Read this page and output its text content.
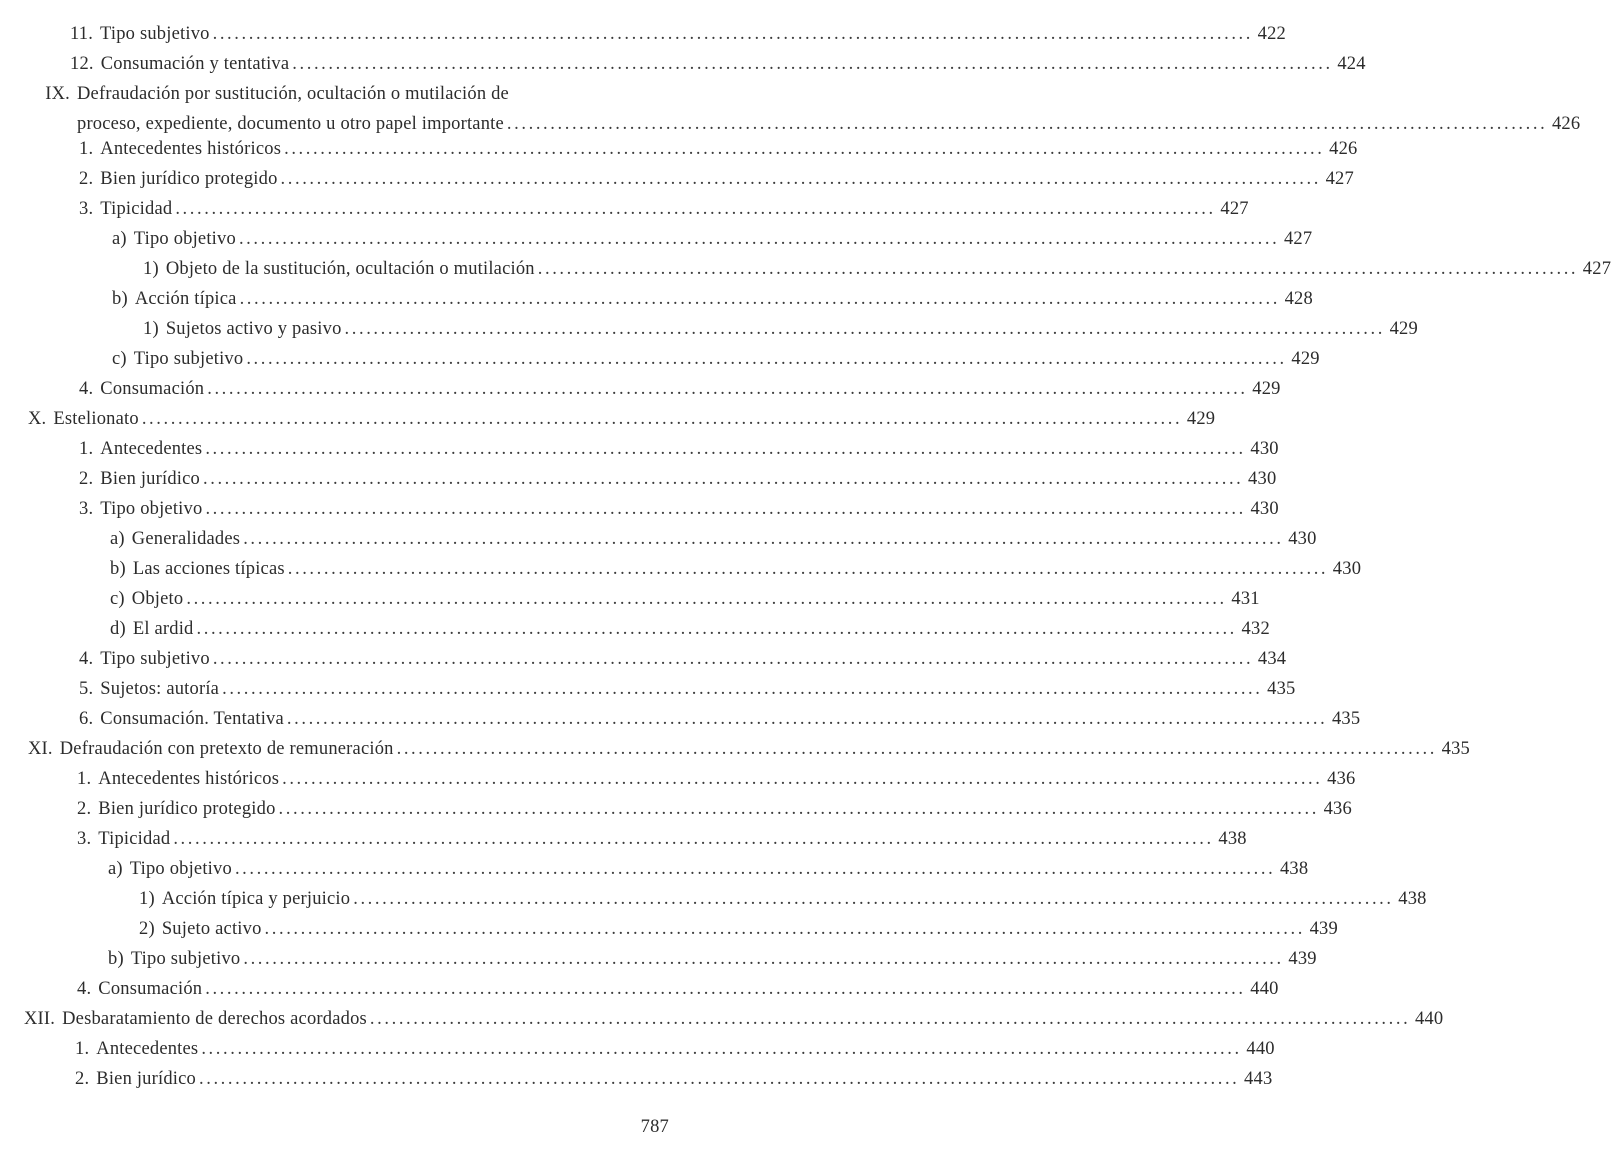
11. Tipo subjetivo .....	422
12. Consumación y tentativa .....	424
IX. Defraudación por sustitución, ocultación o mutilación de
proceso, expediente, documento u otro papel importante .....	426
1. Antecedentes históricos .....	426
2. Bien jurídico protegido .....	427
3. Tipicidad .....	427
a) Tipo objetivo .....	427
1) Objeto de la sustitución, ocultación o mutilación .....	427
b) Acción típica .....	428
1) Sujetos activo y pasivo .....	429
c) Tipo subjetivo .....	429
4. Consumación .....	429
X. Estelionato .....	429
1. Antecedentes .....	430
2. Bien jurídico .....	430
3. Tipo objetivo .....	430
a) Generalidades .....	430
b) Las acciones típicas .....	430
c) Objeto .....	431
d) El ardid .....	432
4. Tipo subjetivo .....	434
5. Sujetos: autoría .....	435
6. Consumación. Tentativa .....	435
XI. Defraudación con pretexto de remuneración .....	435
1. Antecedentes históricos .....	436
2. Bien jurídico protegido .....	436
3. Tipicidad .....	438
a) Tipo objetivo .....	438
1) Acción típica y perjuicio .....	438
2) Sujeto activo .....	439
b) Tipo subjetivo .....	439
4. Consumación .....	440
XII. Desbaratamiento de derechos acordados .....	440
1. Antecedentes .....	440
2. Bien jurídico .....	443
787
